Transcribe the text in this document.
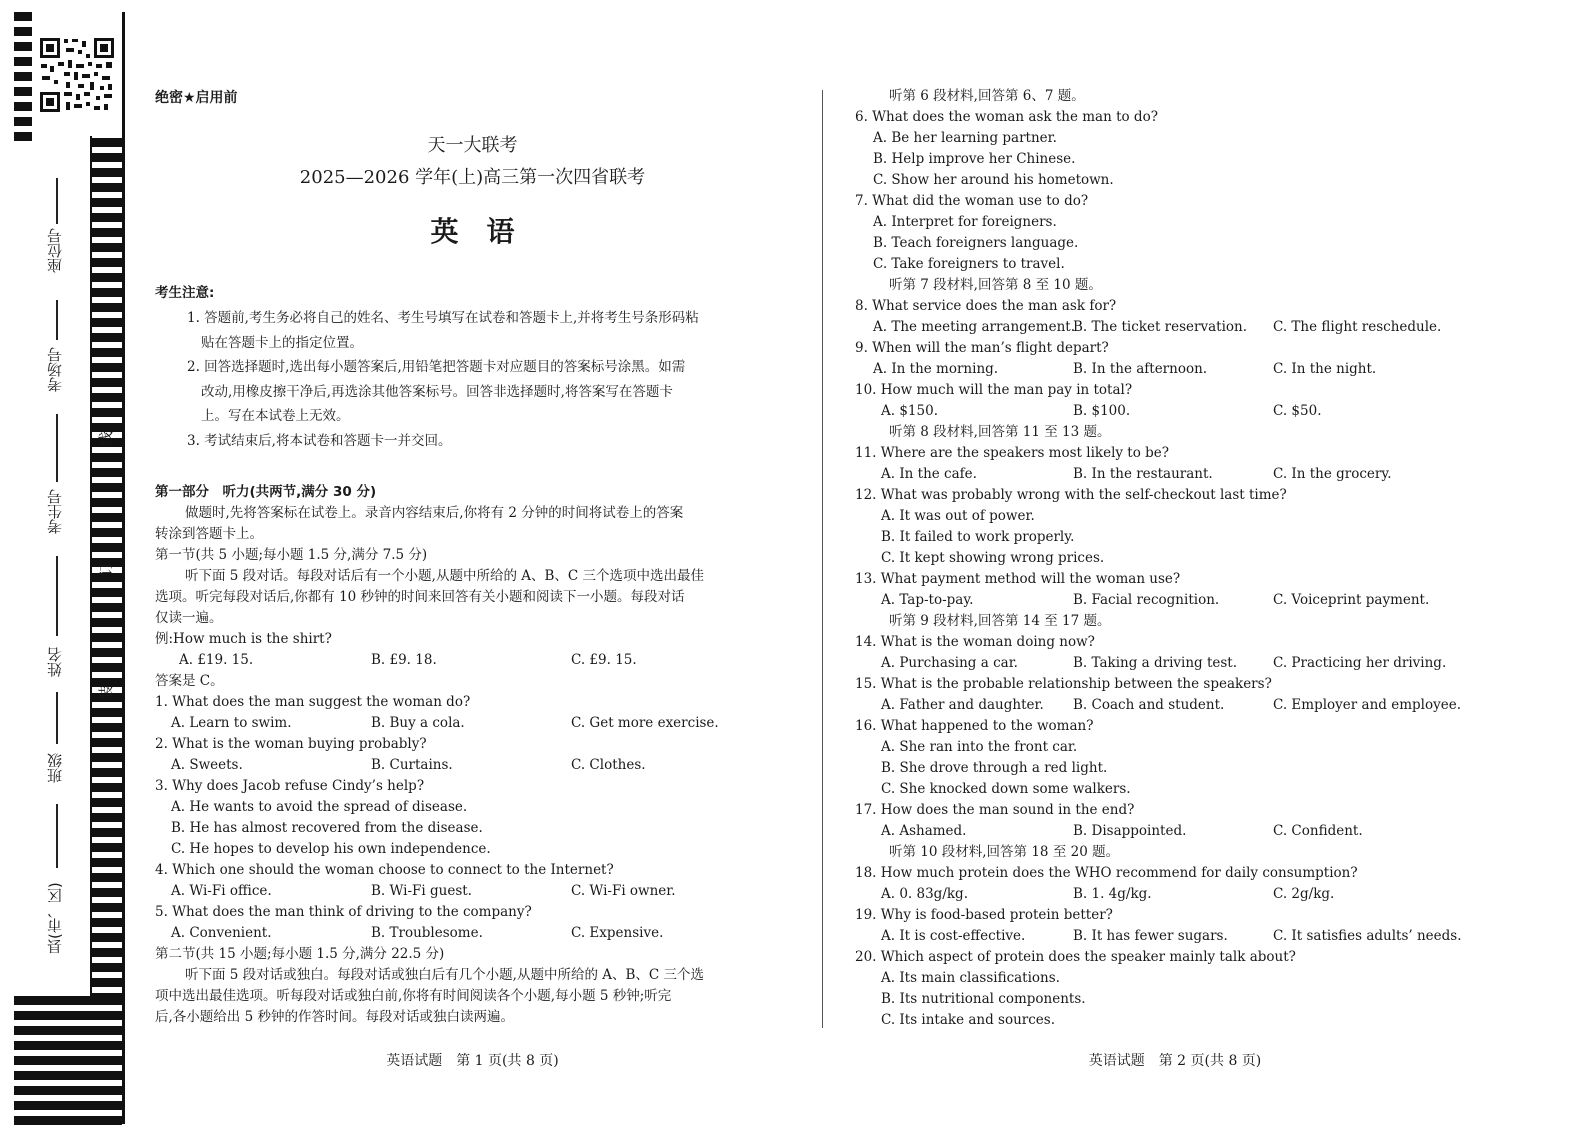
座位号
考场号
考生号
姓名
班级
县(市、区)
线
订
装
绝密★启用前
天一大联考
2025—2026 学年(上)高三第一次四省联考
英　语
考生注意:
1. 答题前,考生务必将自己的姓名、考生号填写在试卷和答题卡上,并将考生号条形码粘
贴在答题卡上的指定位置。
2. 回答选择题时,选出每小题答案后,用铅笔把答题卡对应题目的答案标号涂黑。如需
改动,用橡皮擦干净后,再选涂其他答案标号。回答非选择题时,将答案写在答题卡
上。写在本试卷上无效。
3. 考试结束后,将本试卷和答题卡一并交回。
第一部分　听力(共两节,满分 30 分)
做题时,先将答案标在试卷上。录音内容结束后,你将有 2 分钟的时间将试卷上的答案
转涂到答题卡上。
第一节(共 5 小题;每小题 1.5 分,满分 7.5 分)
听下面 5 段对话。每段对话后有一个小题,从题中所给的 A、B、C 三个选项中选出最佳
选项。听完每段对话后,你都有 10 秒钟的时间来回答有关小题和阅读下一小题。每段对话
仅读一遍。
例:How much is the shirt?
A. £19. 15.	B. £9. 18.	C. £9. 15.
答案是 C。
1. What does the man suggest the woman do?
A. Learn to swim.	B. Buy a cola.	C. Get more exercise.
2. What is the woman buying probably?
A. Sweets.	B. Curtains.	C. Clothes.
3. Why does Jacob refuse Cindy’s help?
A. He wants to avoid the spread of disease.
B. He has almost recovered from the disease.
C. He hopes to develop his own independence.
4. Which one should the woman choose to connect to the Internet?
A. Wi-Fi office.	B. Wi-Fi guest.	C. Wi-Fi owner.
5. What does the man think of driving to the company?
A. Convenient.	B. Troublesome.	C. Expensive.
第二节(共 15 小题;每小题 1.5 分,满分 22.5 分)
听下面 5 段对话或独白。每段对话或独白后有几个小题,从题中所给的 A、B、C 三个选
项中选出最佳选项。听每段对话或独白前,你将有时间阅读各个小题,每小题 5 秒钟;听完
后,各小题给出 5 秒钟的作答时间。每段对话或独白读两遍。
英语试题　第 1 页(共 8 页)
听第 6 段材料,回答第 6、7 题。
6. What does the woman ask the man to do?
A. Be her learning partner.
B. Help improve her Chinese.
C. Show her around his hometown.
7. What did the woman use to do?
A. Interpret for foreigners.
B. Teach foreigners language.
C. Take foreigners to travel.
听第 7 段材料,回答第 8 至 10 题。
8. What service does the man ask for?
A. The meeting arrangement.
B. The ticket reservation.	C. The flight reschedule.
9. When will the man’s flight depart?
A. In the morning.	B. In the afternoon.	C. In the night.
10. How much will the man pay in total?
A. $150.	B. $100.	C. $50.
听第 8 段材料,回答第 11 至 13 题。
11. Where are the speakers most likely to be?
A. In the cafe.	B. In the restaurant.	C. In the grocery.
12. What was probably wrong with the self-checkout last time?
A. It was out of power.
B. It failed to work properly.
C. It kept showing wrong prices.
13. What payment method will the woman use?
A. Tap-to-pay.	B. Facial recognition.	C. Voiceprint payment.
听第 9 段材料,回答第 14 至 17 题。
14. What is the woman doing now?
A. Purchasing a car.	B. Taking a driving test.	C. Practicing her driving.
15. What is the probable relationship between the speakers?
A. Father and daughter.	B. Coach and student.	C. Employer and employee.
16. What happened to the woman?
A. She ran into the front car.
B. She drove through a red light.
C. She knocked down some walkers.
17. How does the man sound in the end?
A. Ashamed.	B. Disappointed.	C. Confident.
听第 10 段材料,回答第 18 至 20 题。
18. How much protein does the WHO recommend for daily consumption?
A. 0. 83g/kg.	B. 1. 4g/kg.	C. 2g/kg.
19. Why is food-based protein better?
A. It is cost-effective.	B. It has fewer sugars.	C. It satisfies adults’ needs.
20. Which aspect of protein does the speaker mainly talk about?
A. Its main classifications.
B. Its nutritional components.
C. Its intake and sources.
英语试题　第 2 页(共 8 页)
